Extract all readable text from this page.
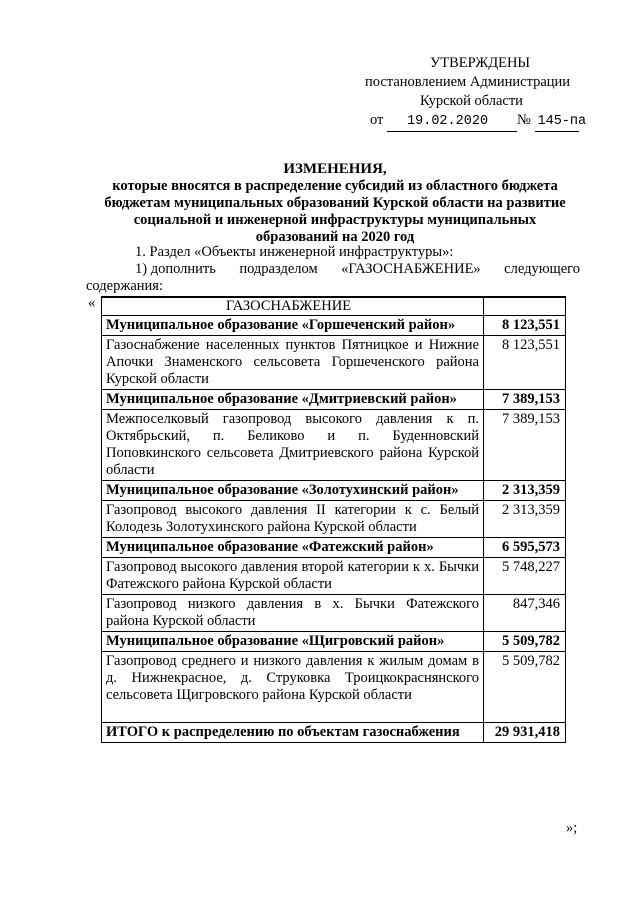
УТВЕРЖДЕНЫ
постановлением Администрации
Курской области
от 19.02.2020 № 145-па
ИЗМЕНЕНИЯ,
которые вносятся в распределение субсидий из областного бюджета
бюджетам муниципальных образований Курской области на развитие
социальной и инженерной инфраструктуры муниципальных
образований на 2020 год
1. Раздел «Объекты инженерной инфраструктуры»:
1) дополнить подразделом «ГАЗОСНАБЖЕНИЕ» следующего
содержания:
«	ГАЗОСНАБЖЕНИЕ	
Муниципальное образование «Горшеченский район»	8 123,551
Газоснабжение населенных пунктов Пятницкое и Нижние Апочки Знаменского сельсовета Горшеченского района Курской области	8 123,551
Муниципальное образование «Дмитриевский район»	7 389,153
Межпоселковый газопровод высокого давления к п. Октябрьский, п. Беликово и п. Буденновский Поповкинского сельсовета Дмитриевского района Курской области	7 389,153
Муниципальное образование «Золотухинский район»	2 313,359
Газопровод высокого давления II категории к с. Белый Колодезь Золотухинского района Курской области	2 313,359
Муниципальное образование «Фатежский район»	6 595,573
Газопровод высокого давления второй категории к х. Бычки Фатежского района Курской области	5 748,227
Газопровод низкого давления в х. Бычки Фатежского района Курской области	847,346
Муниципальное образование «Щигровский район»	5 509,782
Газопровод среднего и низкого давления к жилым домам в д. Нижнекрасное, д. Струковка Троицкокраснянского сельсовета Щигровского района Курской области	5 509,782
ИТОГО к распределению по объектам газоснабжения	29 931,418
»;
